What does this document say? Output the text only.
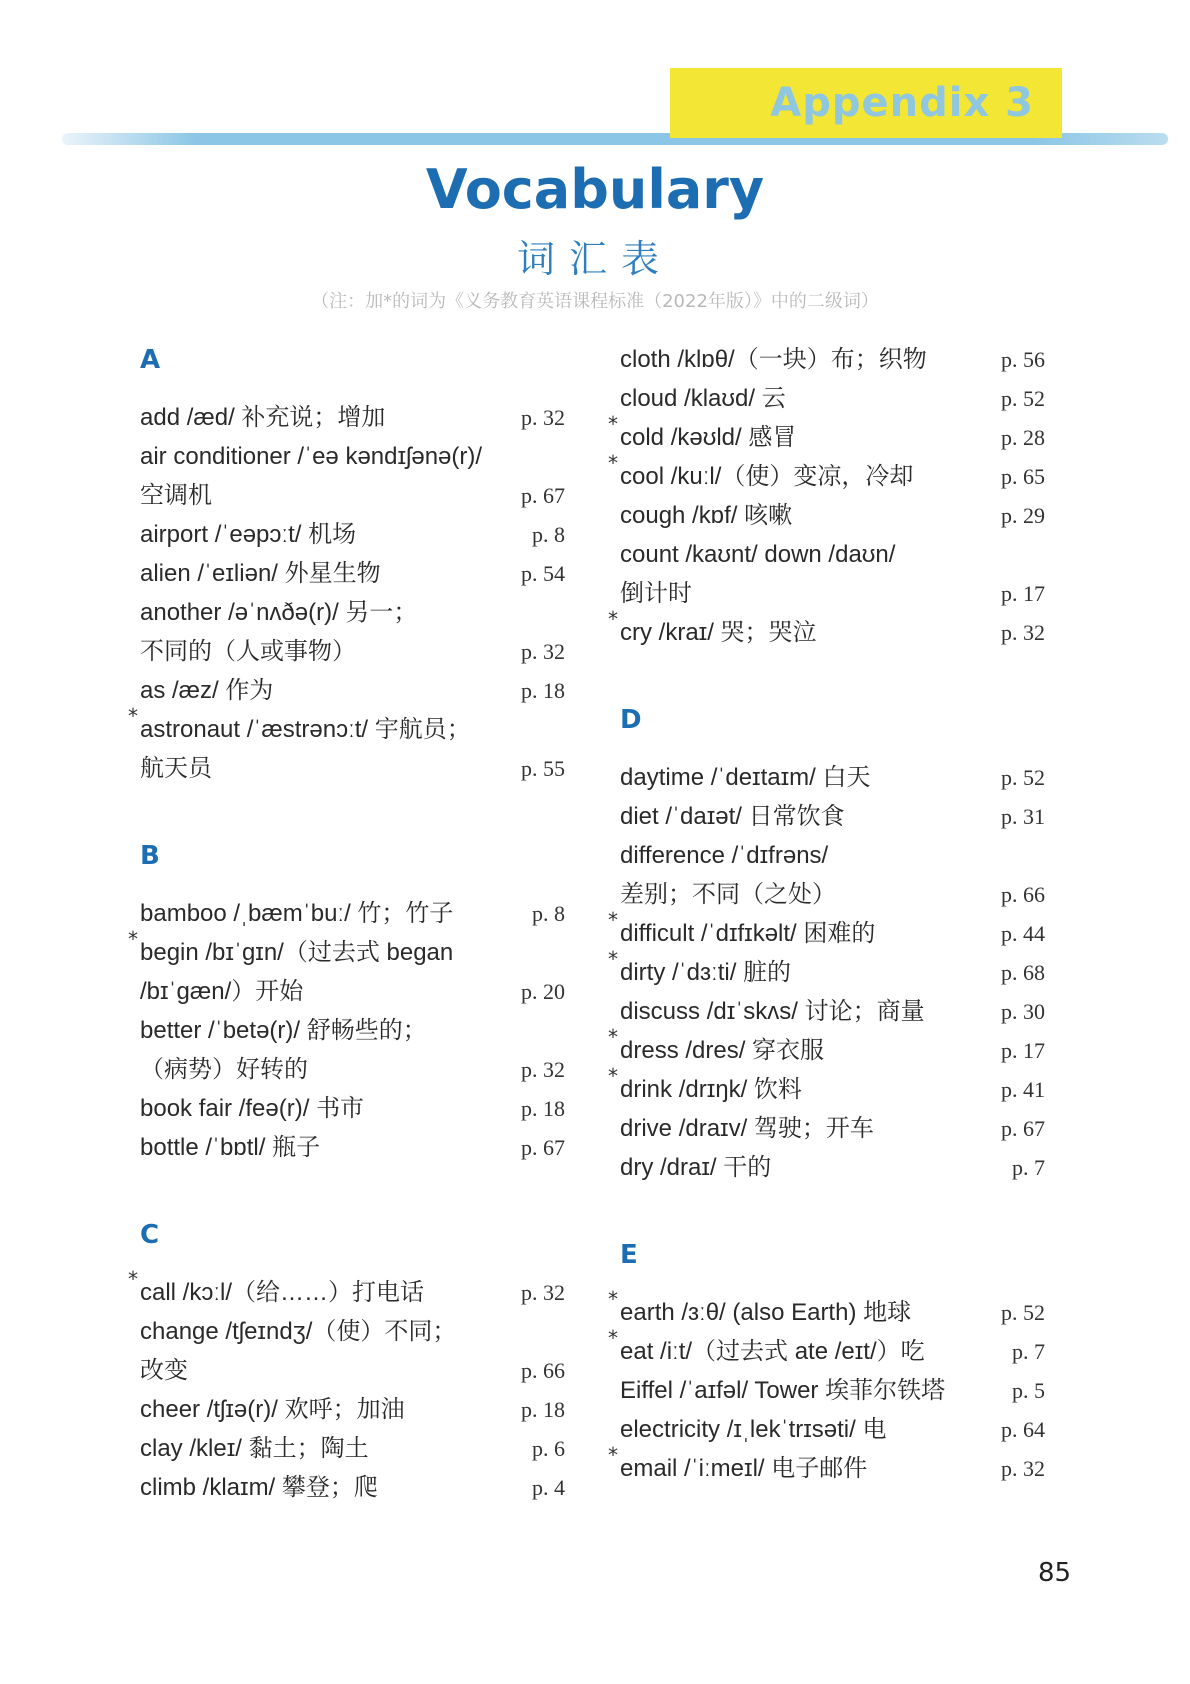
Appendix 3
Vocabulary
词汇表
（注：加*的词为《义务教育英语课程标准（2022年版）》中的二级词）
A
add /æd/ 补充说；增加	p. 32
air conditioner /ˈeə kəndɪʃənə(r)/
空调机	p. 67
airport /ˈeəpɔːt/ 机场	p. 8
alien /ˈeɪliən/ 外星生物	p. 54
another /əˈnʌðə(r)/ 另一；
不同的（人或事物）	p. 32
as /æz/ 作为	p. 18
* astronaut /ˈæstrənɔːt/ 宇航员；
航天员	p. 55
B
bamboo /ˌbæmˈbuː/ 竹；竹子	p. 8
* begin /bɪˈgɪn/（过去式 began
/bɪˈgæn/）开始	p. 20
better /ˈbetə(r)/ 舒畅些的；
（病势）好转的	p. 32
book fair /feə(r)/ 书市	p. 18
bottle /ˈbɒtl/ 瓶子	p. 67
C
* call /kɔːl/（给……）打电话	p. 32
change /tʃeɪndʒ/（使）不同；
改变	p. 66
cheer /tʃɪə(r)/ 欢呼；加油	p. 18
clay /kleɪ/ 黏土；陶土	p. 6
climb /klaɪm/ 攀登；爬	p. 4
cloth /klɒθ/（一块）布；织物	p. 56
cloud /klaʊd/ 云	p. 52
* cold /kəʊld/ 感冒	p. 28
* cool /kuːl/（使）变凉，冷却	p. 65
cough /kɒf/ 咳嗽	p. 29
count /kaʊnt/ down /daʊn/
倒计时	p. 17
* cry /kraɪ/ 哭；哭泣	p. 32
D
daytime /ˈdeɪtaɪm/ 白天	p. 52
diet /ˈdaɪət/ 日常饮食	p. 31
difference /ˈdɪfrəns/
差别；不同（之处）	p. 66
* difficult /ˈdɪfɪkəlt/ 困难的	p. 44
* dirty /ˈdɜːti/ 脏的	p. 68
discuss /dɪˈskʌs/ 讨论；商量	p. 30
* dress /dres/ 穿衣服	p. 17
* drink /drɪŋk/ 饮料	p. 41
drive /draɪv/ 驾驶；开车	p. 67
dry /draɪ/ 干的	p. 7
E
* earth /ɜːθ/ (also Earth) 地球	p. 52
* eat /iːt/（过去式 ate /eɪt/）吃	p. 7
Eiffel /ˈaɪfəl/ Tower 埃菲尔铁塔	p. 5
electricity /ɪˌlekˈtrɪsəti/ 电	p. 64
* email /ˈiːmeɪl/ 电子邮件	p. 32
85
